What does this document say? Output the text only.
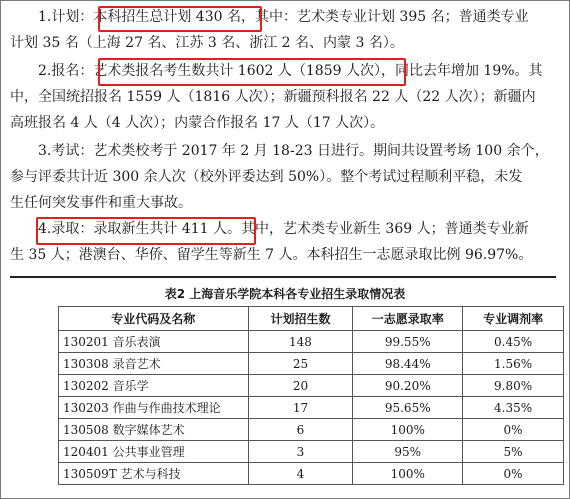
1.计划：本科招生总计划 430 名，其中：艺术类专业计划 395 名；普通类专业
计划 35 名（上海 27 名、江苏 3 名、浙江 2 名、内蒙 3 名）。
2.报名：艺术类报名考生数共计 1602 人（1859 人次），同比去年增加 19%。其
中，全国统招报名 1559 人（1816 人次）；新疆预科报名 22 人（22 人次）；新疆内
高班报名 4 人（4 人次）；内蒙合作报名 17 人（17 人次）。
3.考试：艺术类校考于 2017 年 2 月 18-23 日进行。期间共设置考场 100 余个，
参与评委共计近 300 余人次（校外评委达到 50%）。整个考试过程顺利平稳，未发
生任何突发事件和重大事故。
4.录取：录取新生共计 411 人。其中，艺术类专业新生 369 人；普通类专业新
生 35 人；港澳台、华侨、留学生等新生 7 人。本科招生一志愿录取比例 96.97%。
表2 上海音乐学院本科各专业招生录取情况表
专业代码及名称	计划招生数	一志愿录取率	专业调剂率
130201 音乐表演	148	99.55%	0.45%
130308 录音艺术	25	98.44%	1.56%
130202 音乐学	20	90.20%	9.80%
130203 作曲与作曲技术理论	17	95.65%	4.35%
130508 数字媒体艺术	6	100%	0%
120401 公共事业管理	3	95%	5%
130509T 艺术与科技	4	100%	0%
